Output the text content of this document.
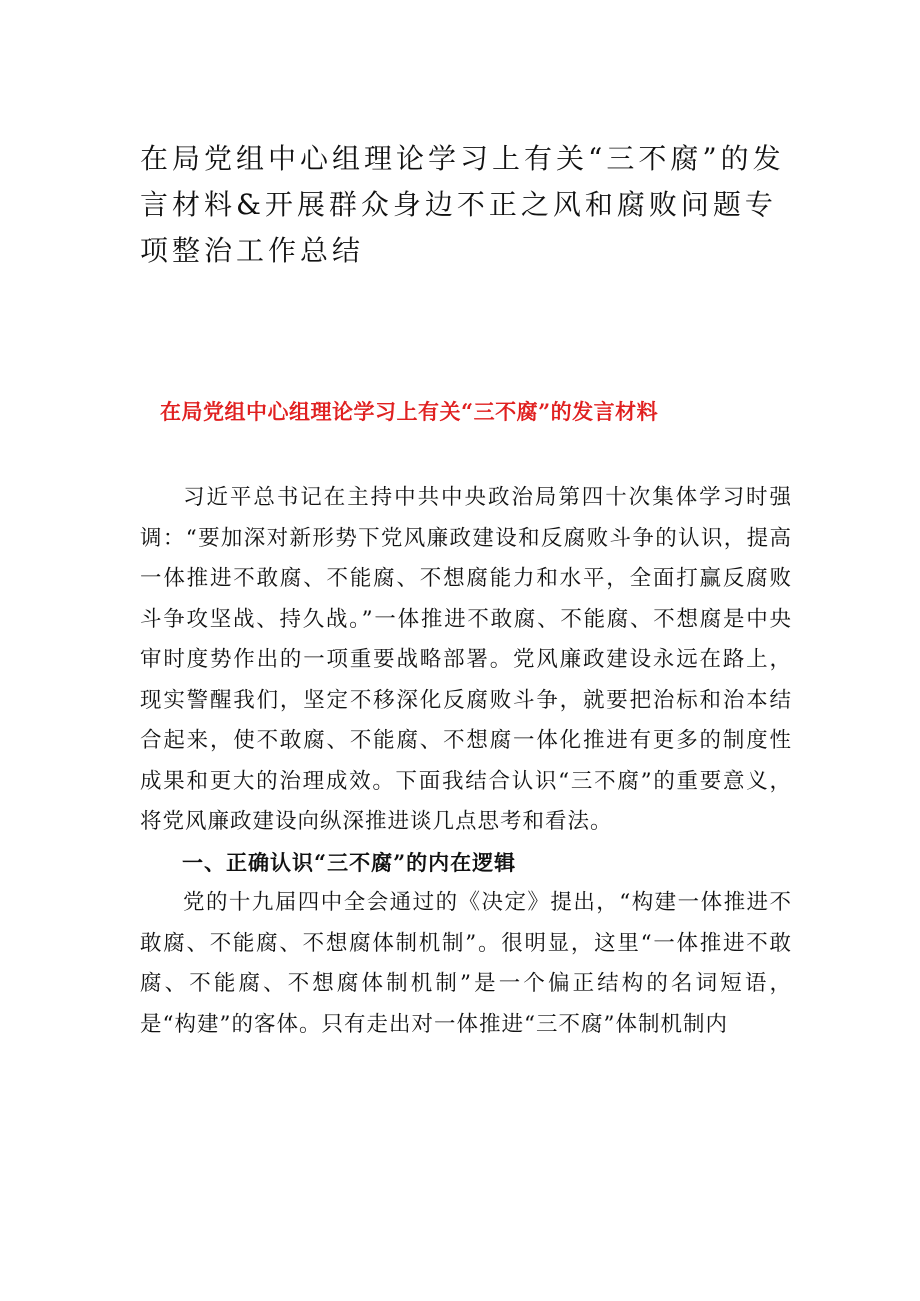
在局党组中心组理论学习上有关“三不腐”的发言材料&开展群众身边不正之风和腐败问题专项整治工作总结
在局党组中心组理论学习上有关“三不腐”的发言材料

习近平总书记在主持中共中央政治局第四十次集体学习时强调：“要加深对新形势下党风廉政建设和反腐败斗争的认识，提高一体推进不敢腐、不能腐、不想腐能力和水平，全面打赢反腐败斗争攻坚战、持久战。”一体推进不敢腐、不能腐、不想腐是中央审时度势作出的一项重要战略部署。党风廉政建设永远在路上，现实警醒我们，坚定不移深化反腐败斗争，就要把治标和治本结合起来，使不敢腐、不能腐、不想腐一体化推进有更多的制度性成果和更大的治理成效。下面我结合认识“三不腐”的重要意义，将党风廉政建设向纵深推进谈几点思考和看法。

一、正确认识“三不腐”的内在逻辑

党的十九届四中全会通过的《决定》提出，“构建一体推进不敢腐、不能腐、不想腐体制机制”。很明显，这里“一体推进不敢腐、不能腐、不想腐体制机制”是一个偏正结构的名词短语，是“构建”的客体。只有走出对一体推进“三不腐”体制机制内
